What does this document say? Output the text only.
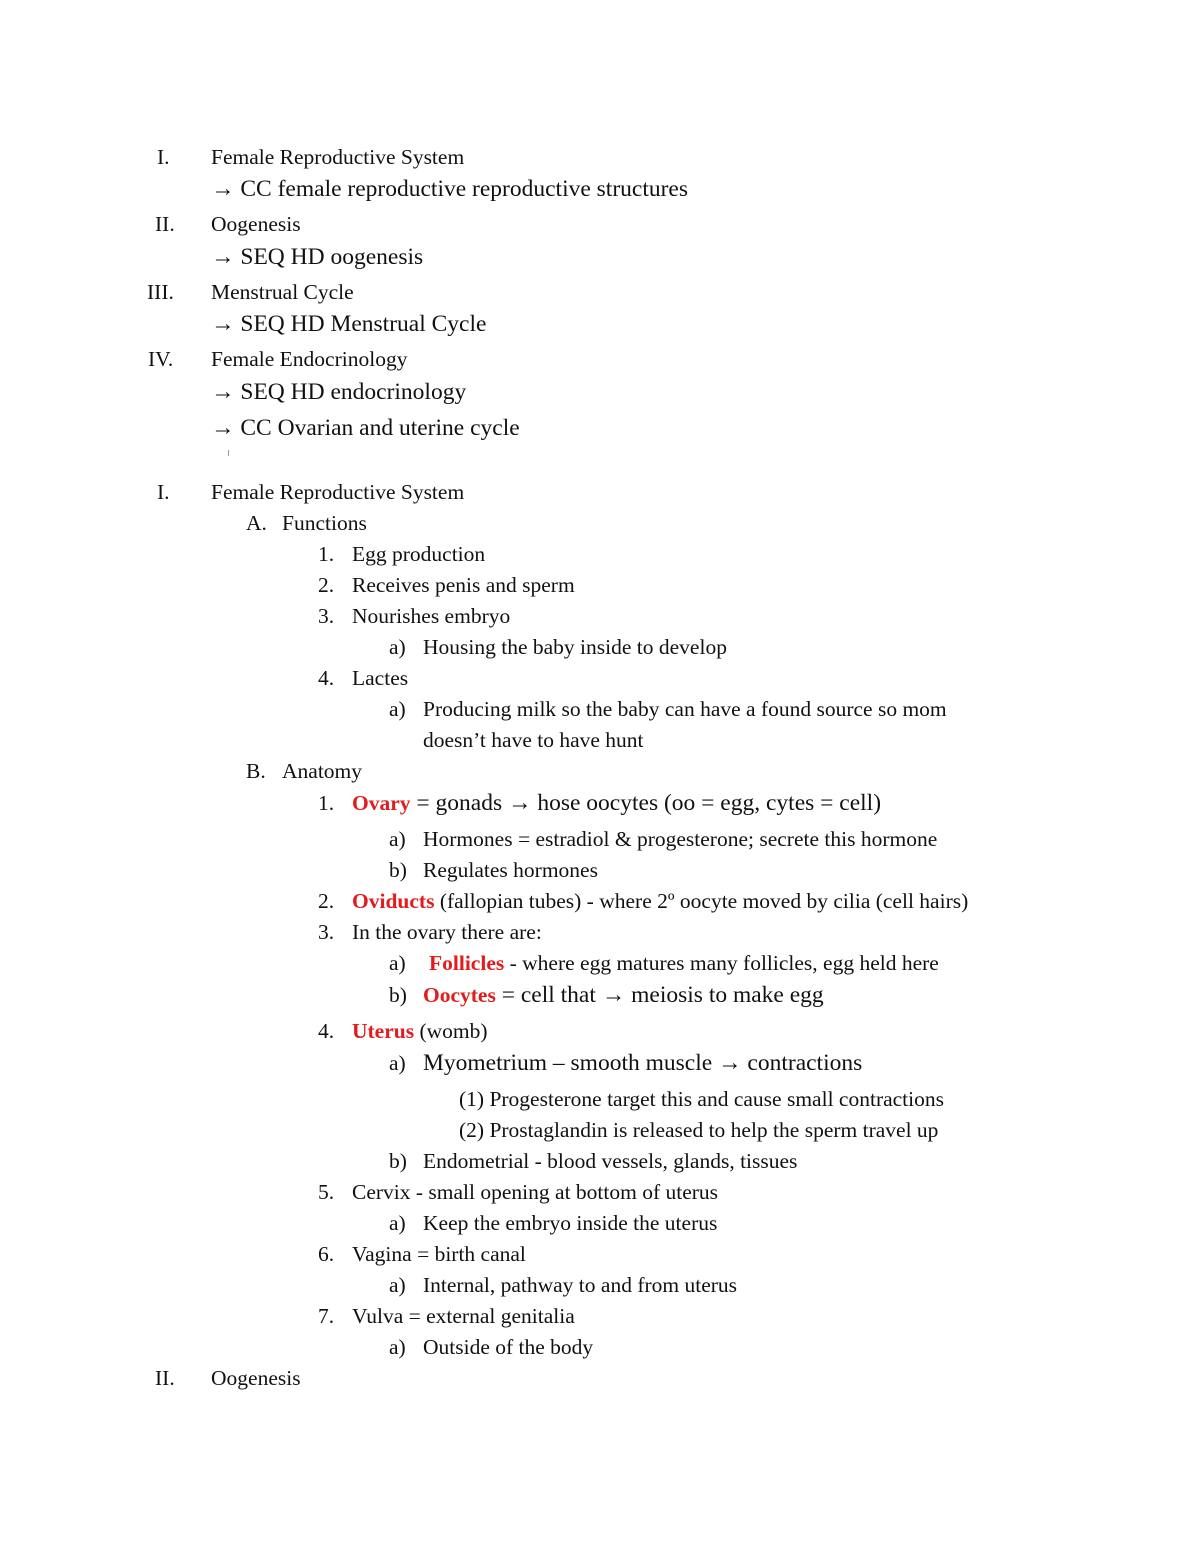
I. Female Reproductive System
→ CC female reproductive reproductive structures
II. Oogenesis
→ SEQ HD oogenesis
III. Menstrual Cycle
→ SEQ HD Menstrual Cycle
IV. Female Endocrinology
→ SEQ HD endocrinology
→ CC Ovarian and uterine cycle
I. Female Reproductive System
A. Functions
1. Egg production
2. Receives penis and sperm
3. Nourishes embryo
a) Housing the baby inside to develop
4. Lactes
a) Producing milk so the baby can have a found source so mom
doesn’t have to have hunt
B. Anatomy
1. Ovary = gonads → hose oocytes (oo = egg, cytes = cell)
a) Hormones = estradiol & progesterone; secrete this hormone
b) Regulates hormones
2. Oviducts (fallopian tubes) - where 2º oocyte moved by cilia (cell hairs)
3. In the ovary there are:
a) Follicles - where egg matures many follicles, egg held here
b) Oocytes = cell that → meiosis to make egg
4. Uterus (womb)
a) Myometrium – smooth muscle → contractions
(1) Progesterone target this and cause small contractions
(2) Prostaglandin is released to help the sperm travel up
b) Endometrial - blood vessels, glands, tissues
5. Cervix - small opening at bottom of uterus
a) Keep the embryo inside the uterus
6. Vagina = birth canal
a) Internal, pathway to and from uterus
7. Vulva = external genitalia
a) Outside of the body
II. Oogenesis
